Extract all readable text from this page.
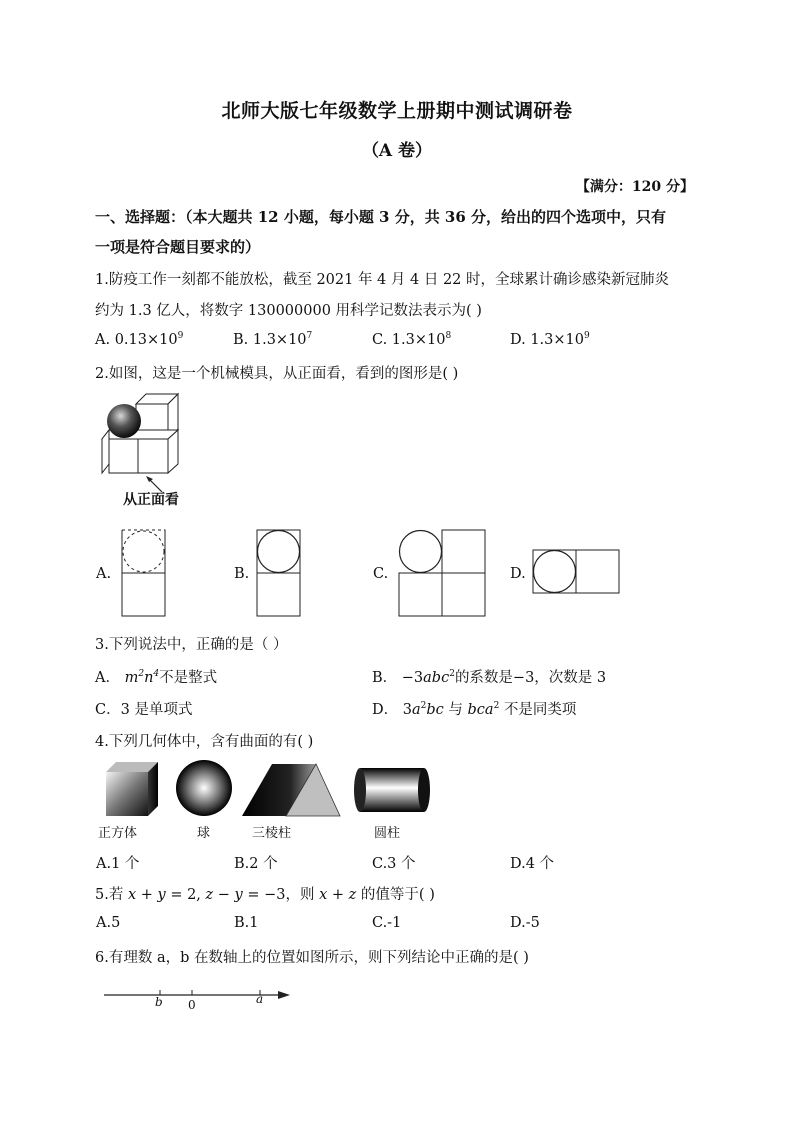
北师大版七年级数学上册期中测试调研卷
（A 卷）
【满分：120 分】
一、选择题：（本大题共 12 小题，每小题 3 分，共 36 分，给出的四个选项中，只有
一项是符合题目要求的）
1.防疫工作一刻都不能放松，截至 2021 年 4 月 4 日 22 时，全球累计确诊感染新冠肺炎
约为 1.3 亿人，将数字 130000000 用科学记数法表示为( )
A. $0.13\times 10^9$	B. $1.3\times 10^7$	C. $1.3\times 10^8$	D. $1.3\times 10^9$
2.如图，这是一个机械模具，从正面看，看到的图形是( )
从正面看
A.	B.	C.	D.
3.下列说法中，正确的是（ ）
A． $m^2n^4$不是整式	B． −3abc$^2$的系数是−3，次数是 3
C．3 是单项式	D． $3a^2bc$ 与 bca$^2$ 不是同类项
4.下列几何体中，含有曲面的有( )
正方体	球	三棱柱	圆柱
A.1 个	B.2 个	C.3 个	D.4 个
5.若 x + y = 2, z − y = −3，则 x + z 的值等于( )
A.5	B.1	C.-1	D.-5
6.有理数 a，b 在数轴上的位置如图所示，则下列结论中正确的是( )
b 0	a
